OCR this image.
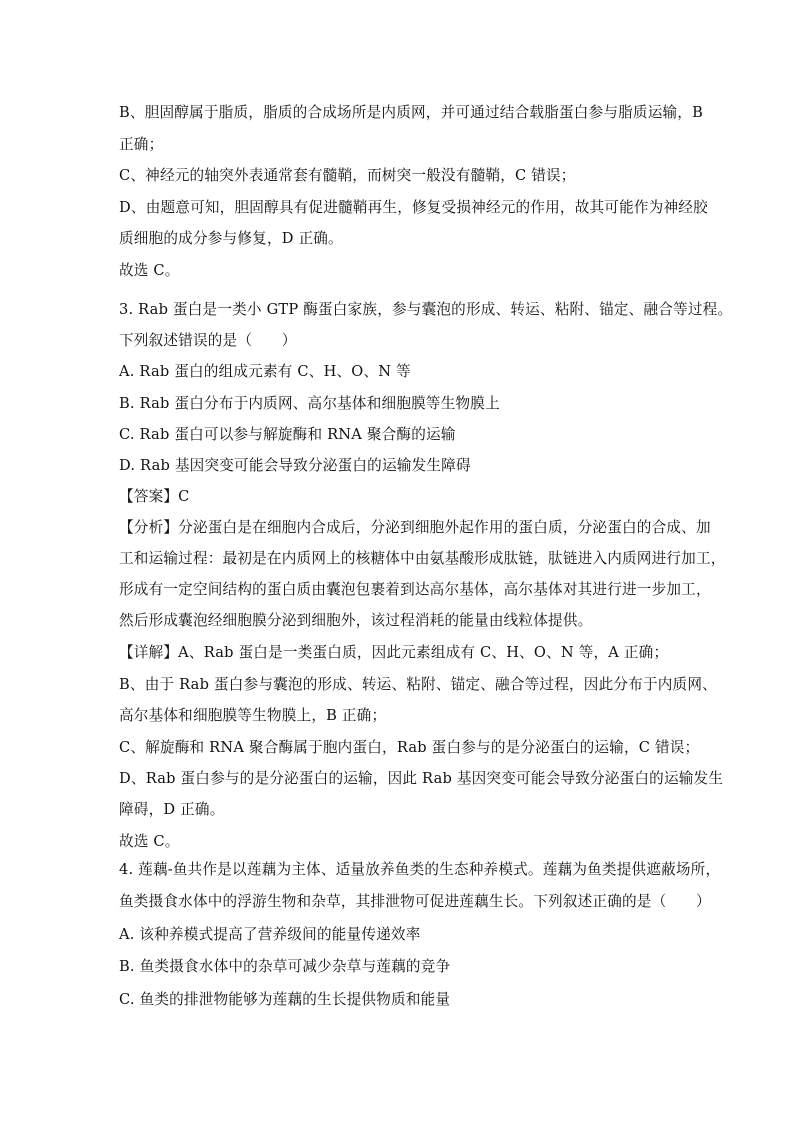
B、胆固醇属于脂质，脂质的合成场所是内质网，并可通过结合载脂蛋白参与脂质运输，B
正确；
C、神经元的轴突外表通常套有髓鞘，而树突一般没有髓鞘，C 错误；
D、由题意可知，胆固醇具有促进髓鞘再生，修复受损神经元的作用，故其可能作为神经胶
质细胞的成分参与修复，D 正确。
故选 C。
3. Rab 蛋白是一类小 GTP 酶蛋白家族，参与囊泡的形成、转运、粘附、锚定、融合等过程。
下列叙述错误的是（　　）
A. Rab 蛋白的组成元素有 C、H、O、N 等
B. Rab 蛋白分布于内质网、高尔基体和细胞膜等生物膜上
C. Rab 蛋白可以参与解旋酶和 RNA 聚合酶的运输
D. Rab 基因突变可能会导致分泌蛋白的运输发生障碍
【答案】C
【分析】分泌蛋白是在细胞内合成后，分泌到细胞外起作用的蛋白质，分泌蛋白的合成、加
工和运输过程：最初是在内质网上的核糖体中由氨基酸形成肽链，肽链进入内质网进行加工，
形成有一定空间结构的蛋白质由囊泡包裹着到达高尔基体，高尔基体对其进行进一步加工，
然后形成囊泡经细胞膜分泌到细胞外，该过程消耗的能量由线粒体提供。
【详解】A、Rab 蛋白是一类蛋白质，因此元素组成有 C、H、O、N 等，A 正确；
B、由于 Rab 蛋白参与囊泡的形成、转运、粘附、锚定、融合等过程，因此分布于内质网、
高尔基体和细胞膜等生物膜上，B 正确；
C、解旋酶和 RNA 聚合酶属于胞内蛋白，Rab 蛋白参与的是分泌蛋白的运输，C 错误；
D、Rab 蛋白参与的是分泌蛋白的运输，因此 Rab 基因突变可能会导致分泌蛋白的运输发生
障碍，D 正确。
故选 C。
4. 莲藕-鱼共作是以莲藕为主体、适量放养鱼类的生态种养模式。莲藕为鱼类提供遮蔽场所，
鱼类摄食水体中的浮游生物和杂草，其排泄物可促进莲藕生长。下列叙述正确的是（　　）
A. 该种养模式提高了营养级间的能量传递效率
B. 鱼类摄食水体中的杂草可减少杂草与莲藕的竞争
C. 鱼类的排泄物能够为莲藕的生长提供物质和能量
